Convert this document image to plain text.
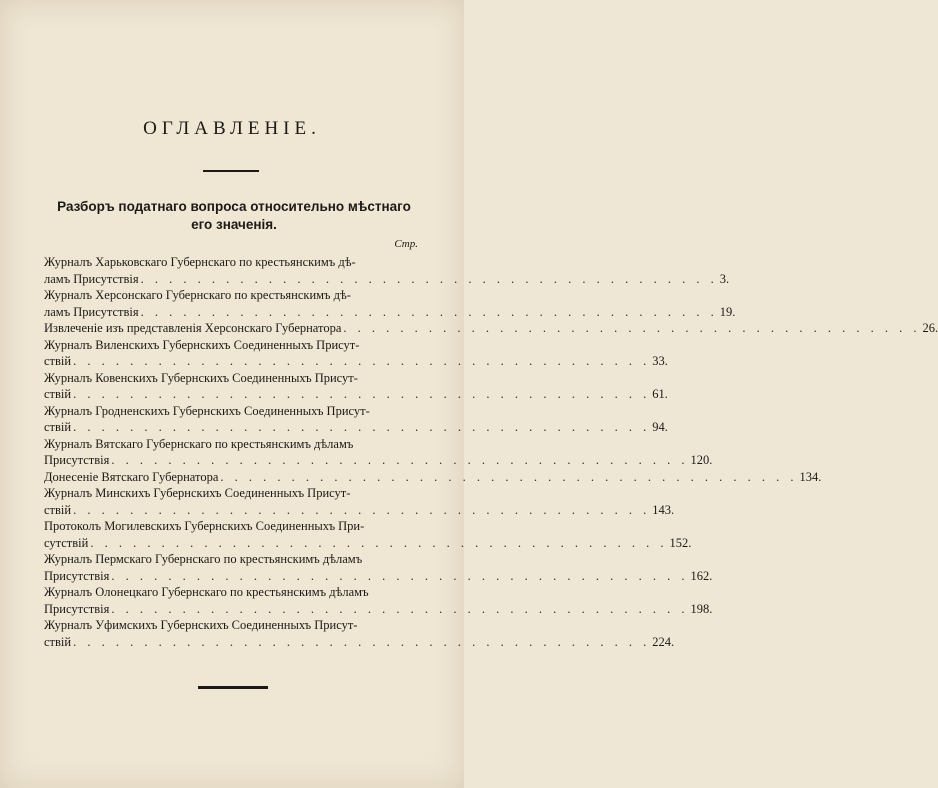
ОГЛАВЛЕНIЕ.
Разборъ податнаго вопроса относительно мѣстнаго
его значенiя.
Стр.
Журналъ Харьковскаго Губернскаго по крестьянскимъ дѣ-
ламъ Присутствiя . . .	3.
Журналъ Херсонскаго Губернскаго по крестьянскимъ дѣ-
ламъ Присутствiя . . .	19.
Извлеченiе изъ представленiя Херсонскаго Губернатора . . .	26.
Журналъ Виленскихъ Губернскихъ Соединенныхъ Присут-
ствiй . . .	33.
Журналъ Ковенскихъ Губернскихъ Соединенныхъ Присут-
ствiй . . .	61.
Журналъ Гродненскихъ Губернскихъ Соединенныхъ Присут-
ствiй . . .	94.
Журналъ Вятскаго Губернскаго по крестьянскимъ дѣламъ
Присутствiя . . .	120.
Донесенiе Вятскаго Губернатора . . .	134.
Журналъ Минскихъ Губернскихъ Соединенныхъ Присут-
ствiй . . .	143.
Протоколъ Могилевскихъ Губернскихъ Соединенныхъ При-
сутствiй . . .	152.
Журналъ Пермскаго Губернскаго по крестьянскимъ дѣламъ
Присутствiя . . .	162.
Журналъ Олонецкаго Губернскаго по крестьянскимъ дѣламъ
Присутствiя . . .	198.
Журналъ Уфимскихъ Губернскихъ Соединенныхъ Присут-
ствiй . . .	224.
